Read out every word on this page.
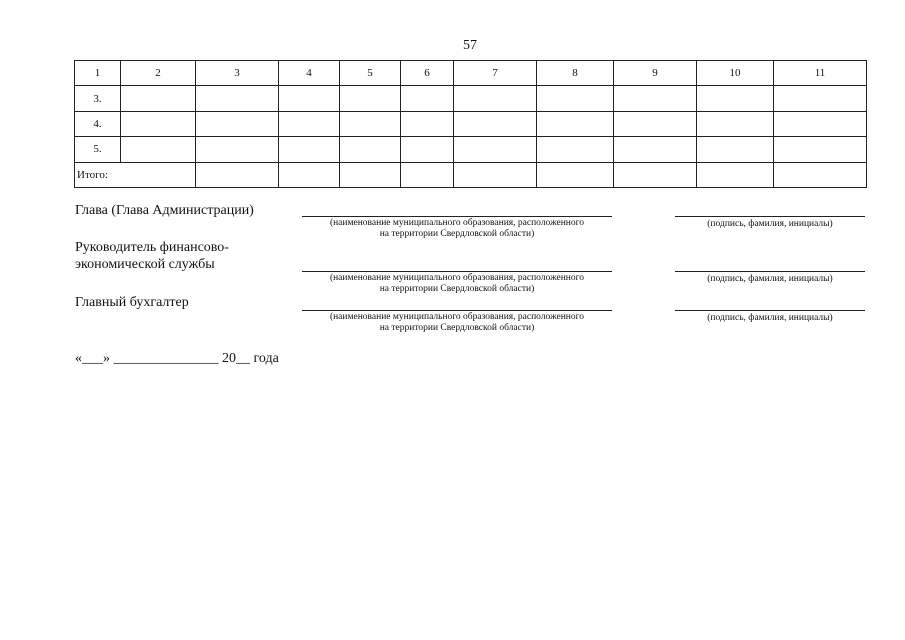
57
1	2	3	4	5	6	7	8	9	10	11
3.										
4.										
5.										
Итого:										
Глава (Глава Администрации)
(наименование муниципального образования, расположенного
на территории Свердловской области)
(подпись, фамилия, инициалы)
Руководитель финансово-
экономической службы
(наименование муниципального образования, расположенного
на территории Свердловской области)
(подпись, фамилия, инициалы)
Главный бухгалтер
(наименование муниципального образования, расположенного
на территории Свердловской области)
(подпись, фамилия, инициалы)
«___» _______________ 20__ года
